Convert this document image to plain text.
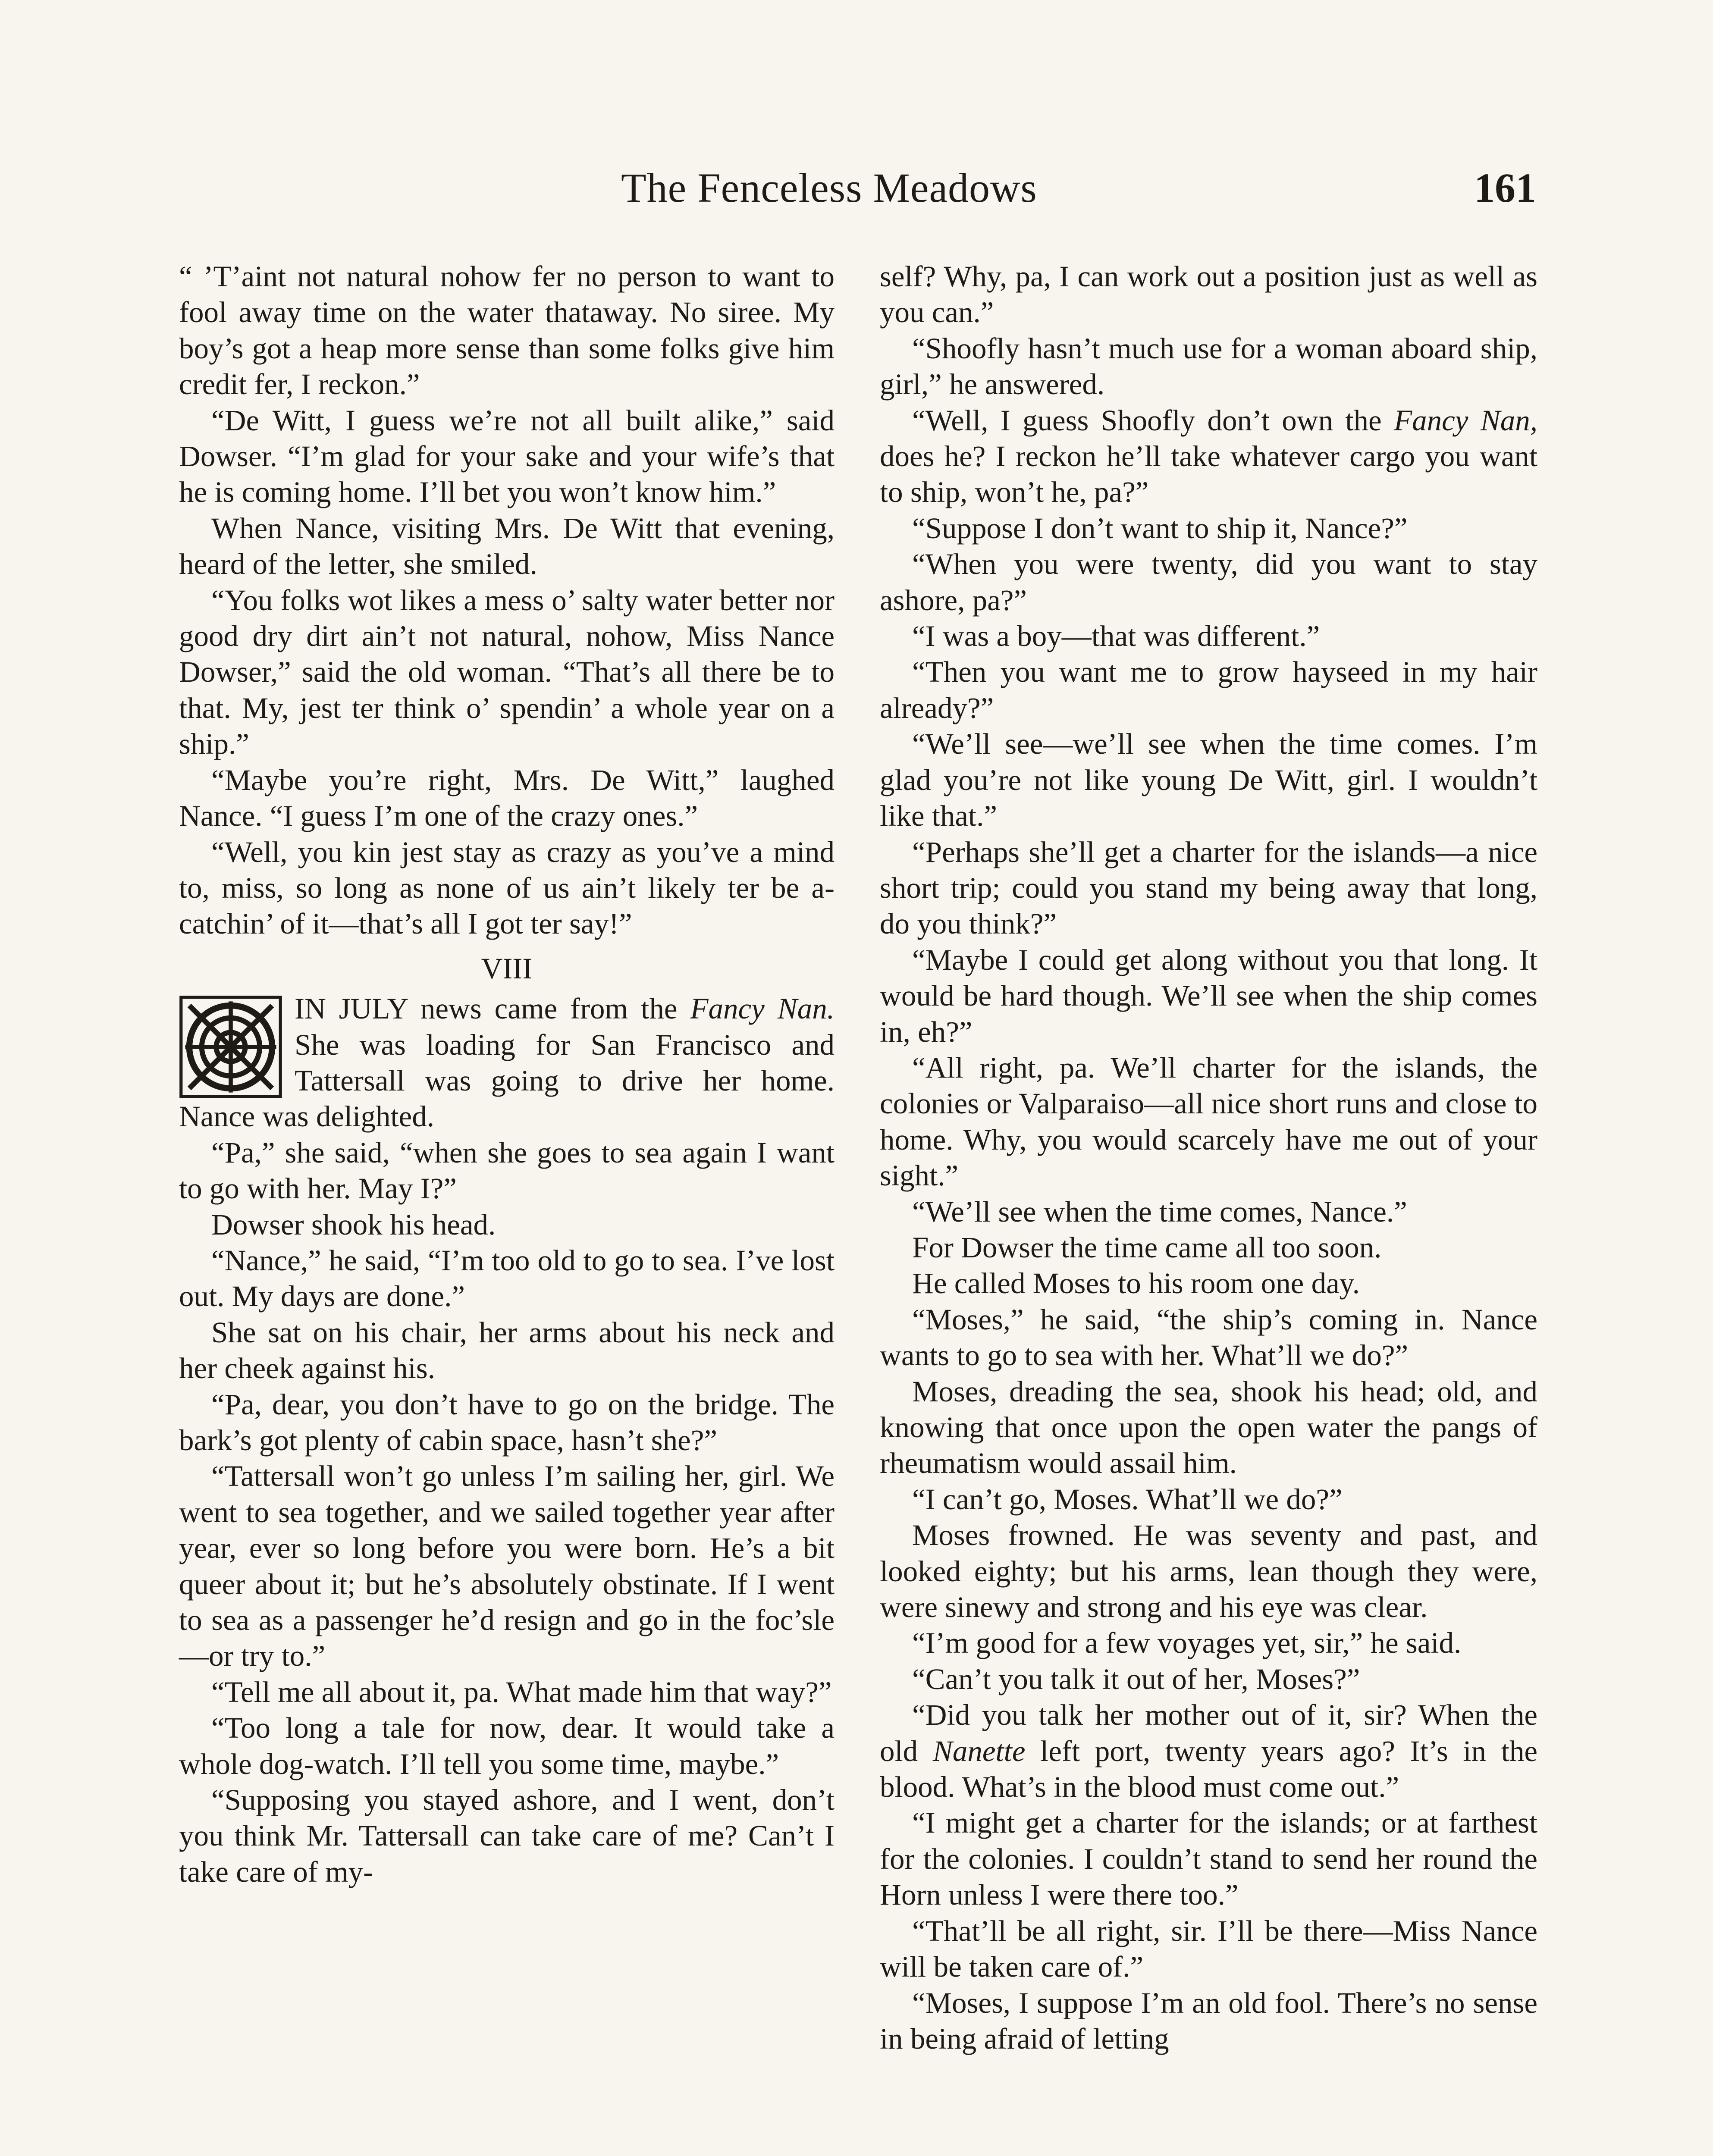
The Fenceless Meadows	161

“ ’T’aint not natural nohow fer no person to want to fool away time on the water thataway. No siree. My boy’s got a heap more sense than some folks give him credit fer, I reckon.”

“De Witt, I guess we’re not all built alike,” said Dowser. “I’m glad for your sake and your wife’s that he is coming home. I’ll bet you won’t know him.”

When Nance, visiting Mrs. De Witt that evening, heard of the letter, she smiled.

“You folks wot likes a mess o’ salty water better nor good dry dirt ain’t not natural, nohow, Miss Nance Dowser,” said the old woman. “That’s all there be to that. My, jest ter think o’ spendin’ a whole year on a ship.”

“Maybe you’re right, Mrs. De Witt,” laughed Nance. “I guess I’m one of the crazy ones.”

“Well, you kin jest stay as crazy as you’ve a mind to, miss, so long as none of us ain’t likely ter be a-catchin’ of it—that’s all I got ter say!”

VIII

IN JULY news came from the Fancy Nan. She was loading for San Francisco and Tattersall was going to drive her home. Nance was delighted.

“Pa,” she said, “when she goes to sea again I want to go with her. May I?”

Dowser shook his head.

“Nance,” he said, “I’m too old to go to sea. I’ve lost out. My days are done.”

She sat on his chair, her arms about his neck and her cheek against his.

“Pa, dear, you don’t have to go on the bridge. The bark’s got plenty of cabin space, hasn’t she?”

“Tattersall won’t go unless I’m sailing her, girl. We went to sea together, and we sailed together year after year, ever so long before you were born. He’s a bit queer about it; but he’s absolutely obstinate. If I went to sea as a passenger he’d resign and go in the foc’sle—or try to.”

“Tell me all about it, pa. What made him that way?”

“Too long a tale for now, dear. It would take a whole dog-watch. I’ll tell you some time, maybe.”

“Supposing you stayed ashore, and I went, don’t you think Mr. Tattersall can take care of me? Can’t I take care of my-

self? Why, pa, I can work out a position just as well as you can.”

“Shoofly hasn’t much use for a woman aboard ship, girl,” he answered.

“Well, I guess Shoofly don’t own the Fancy Nan, does he? I reckon he’ll take whatever cargo you want to ship, won’t he, pa?”

“Suppose I don’t want to ship it, Nance?”

“When you were twenty, did you want to stay ashore, pa?”

“I was a boy—that was different.”

“Then you want me to grow hayseed in my hair already?”

“We’ll see—we’ll see when the time comes. I’m glad you’re not like young De Witt, girl. I wouldn’t like that.”

“Perhaps she’ll get a charter for the islands—a nice short trip; could you stand my being away that long, do you think?”

“Maybe I could get along without you that long. It would be hard though. We’ll see when the ship comes in, eh?”

“All right, pa. We’ll charter for the islands, the colonies or Valparaiso—all nice short runs and close to home. Why, you would scarcely have me out of your sight.”

“We’ll see when the time comes, Nance.”

For Dowser the time came all too soon.

He called Moses to his room one day.

“Moses,” he said, “the ship’s coming in. Nance wants to go to sea with her. What’ll we do?”

Moses, dreading the sea, shook his head; old, and knowing that once upon the open water the pangs of rheumatism would assail him.

“I can’t go, Moses. What’ll we do?”

Moses frowned. He was seventy and past, and looked eighty; but his arms, lean though they were, were sinewy and strong and his eye was clear.

“I’m good for a few voyages yet, sir,” he said.

“Can’t you talk it out of her, Moses?”

“Did you talk her mother out of it, sir? When the old Nanette left port, twenty years ago? It’s in the blood. What’s in the blood must come out.”

“I might get a charter for the islands; or at farthest for the colonies. I couldn’t stand to send her round the Horn unless I were there too.”

“That’ll be all right, sir. I’ll be there—Miss Nance will be taken care of.”

“Moses, I suppose I’m an old fool. There’s no sense in being afraid of letting
